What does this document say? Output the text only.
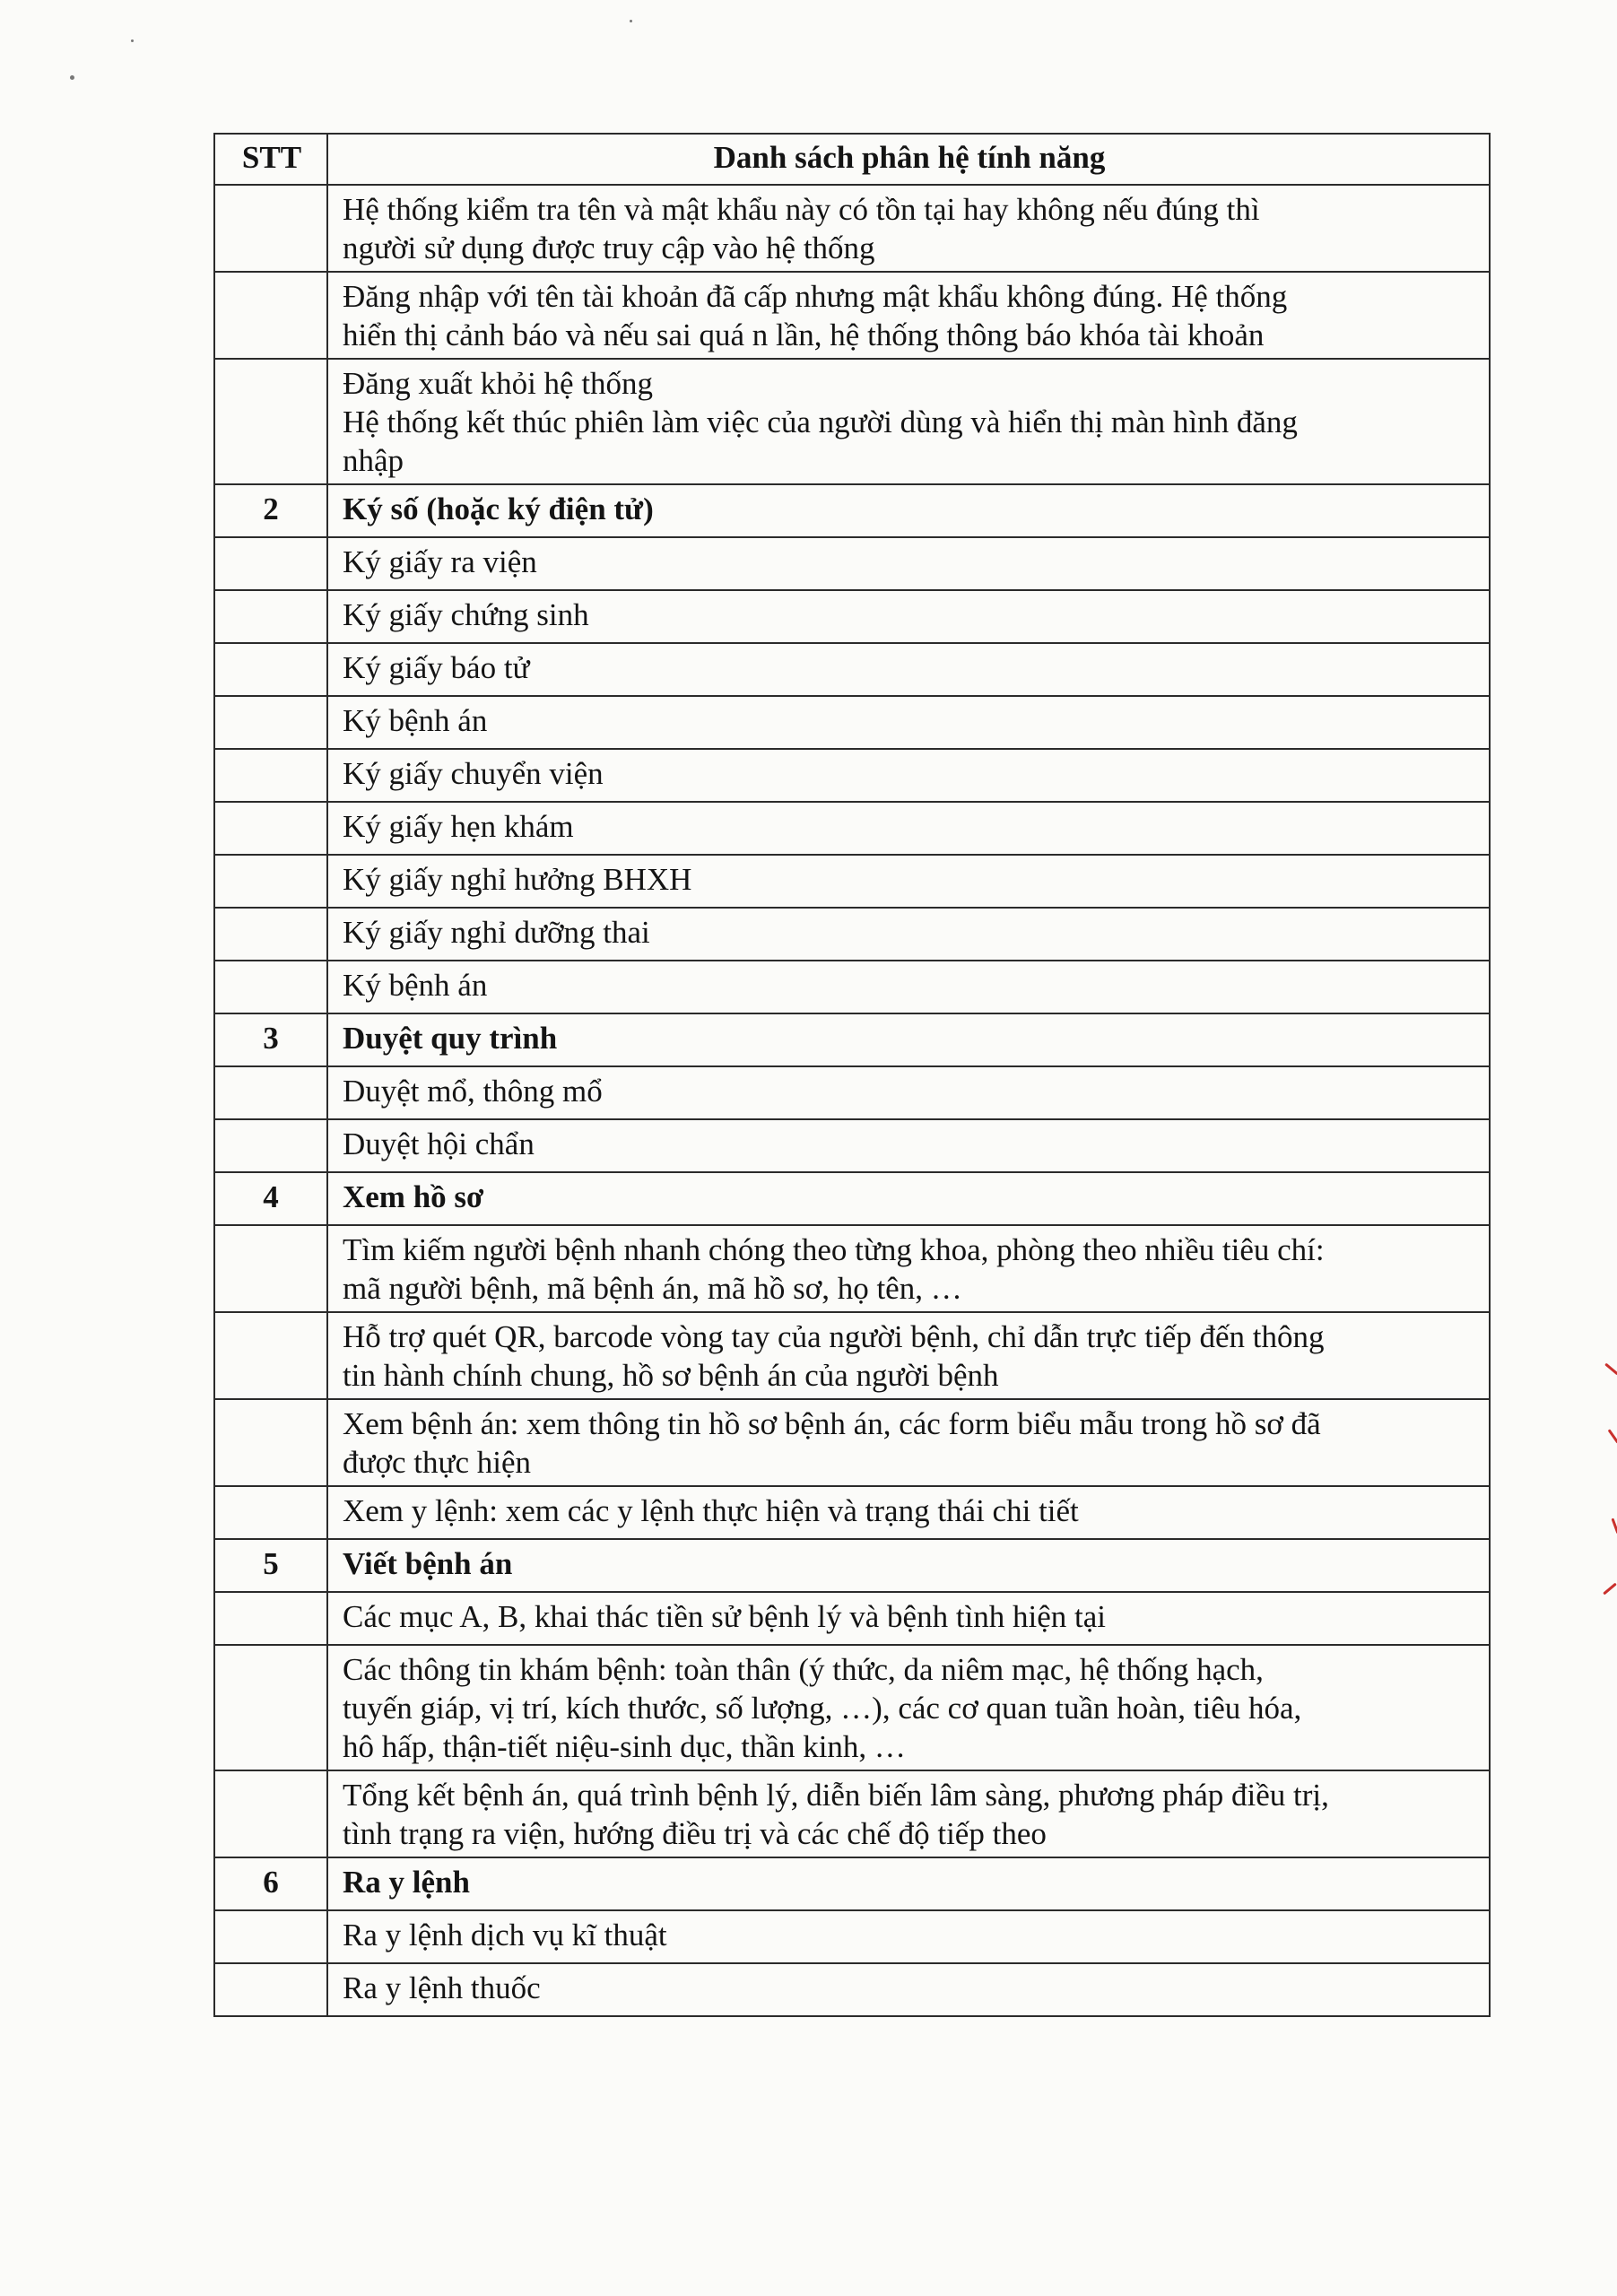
STT	Danh sách phân hệ tính năng

	Hệ thống kiểm tra tên và mật khẩu này có tồn tại hay không nếu đúng thì
người sử dụng được truy cập vào hệ thống

	Đăng nhập với tên tài khoản đã cấp nhưng mật khẩu không đúng. Hệ thống
hiển thị cảnh báo và nếu sai quá n lần, hệ thống thông báo khóa tài khoản

	Đăng xuất khỏi hệ thống
Hệ thống kết thúc phiên làm việc của người dùng và hiển thị màn hình đăng
nhập

2	Ký số (hoặc ký điện tử)

	Ký giấy ra viện

	Ký giấy chứng sinh

	Ký giấy báo tử

	Ký bệnh án

	Ký giấy chuyển viện

	Ký giấy hẹn khám

	Ký giấy nghỉ hưởng BHXH

	Ký giấy nghỉ dưỡng thai

	Ký bệnh án

3	Duyệt quy trình

	Duyệt mổ, thông mổ

	Duyệt hội chẩn

4	Xem hồ sơ

	Tìm kiếm người bệnh nhanh chóng theo từng khoa, phòng theo nhiều tiêu chí:
mã người bệnh, mã bệnh án, mã hồ sơ, họ tên, …

	Hỗ trợ quét QR, barcode vòng tay của người bệnh, chỉ dẫn trực tiếp đến thông
tin hành chính chung, hồ sơ bệnh án của người bệnh

	Xem bệnh án: xem thông tin hồ sơ bệnh án, các form biểu mẫu trong hồ sơ đã
được thực hiện

	Xem y lệnh: xem các y lệnh thực hiện và trạng thái chi tiết

5	Viết bệnh án

	Các mục A, B, khai thác tiền sử bệnh lý và bệnh tình hiện tại

	Các thông tin khám bệnh: toàn thân (ý thức, da niêm mạc, hệ thống hạch,
tuyến giáp, vị trí, kích thước, số lượng, …), các cơ quan tuần hoàn, tiêu hóa,
hô hấp, thận-tiết niệu-sinh dục, thần kinh, …

	Tổng kết bệnh án, quá trình bệnh lý, diễn biến lâm sàng, phương pháp điều trị,
tình trạng ra viện, hướng điều trị và các chế độ tiếp theo

6	Ra y lệnh

	Ra y lệnh dịch vụ kĩ thuật

	Ra y lệnh thuốc
